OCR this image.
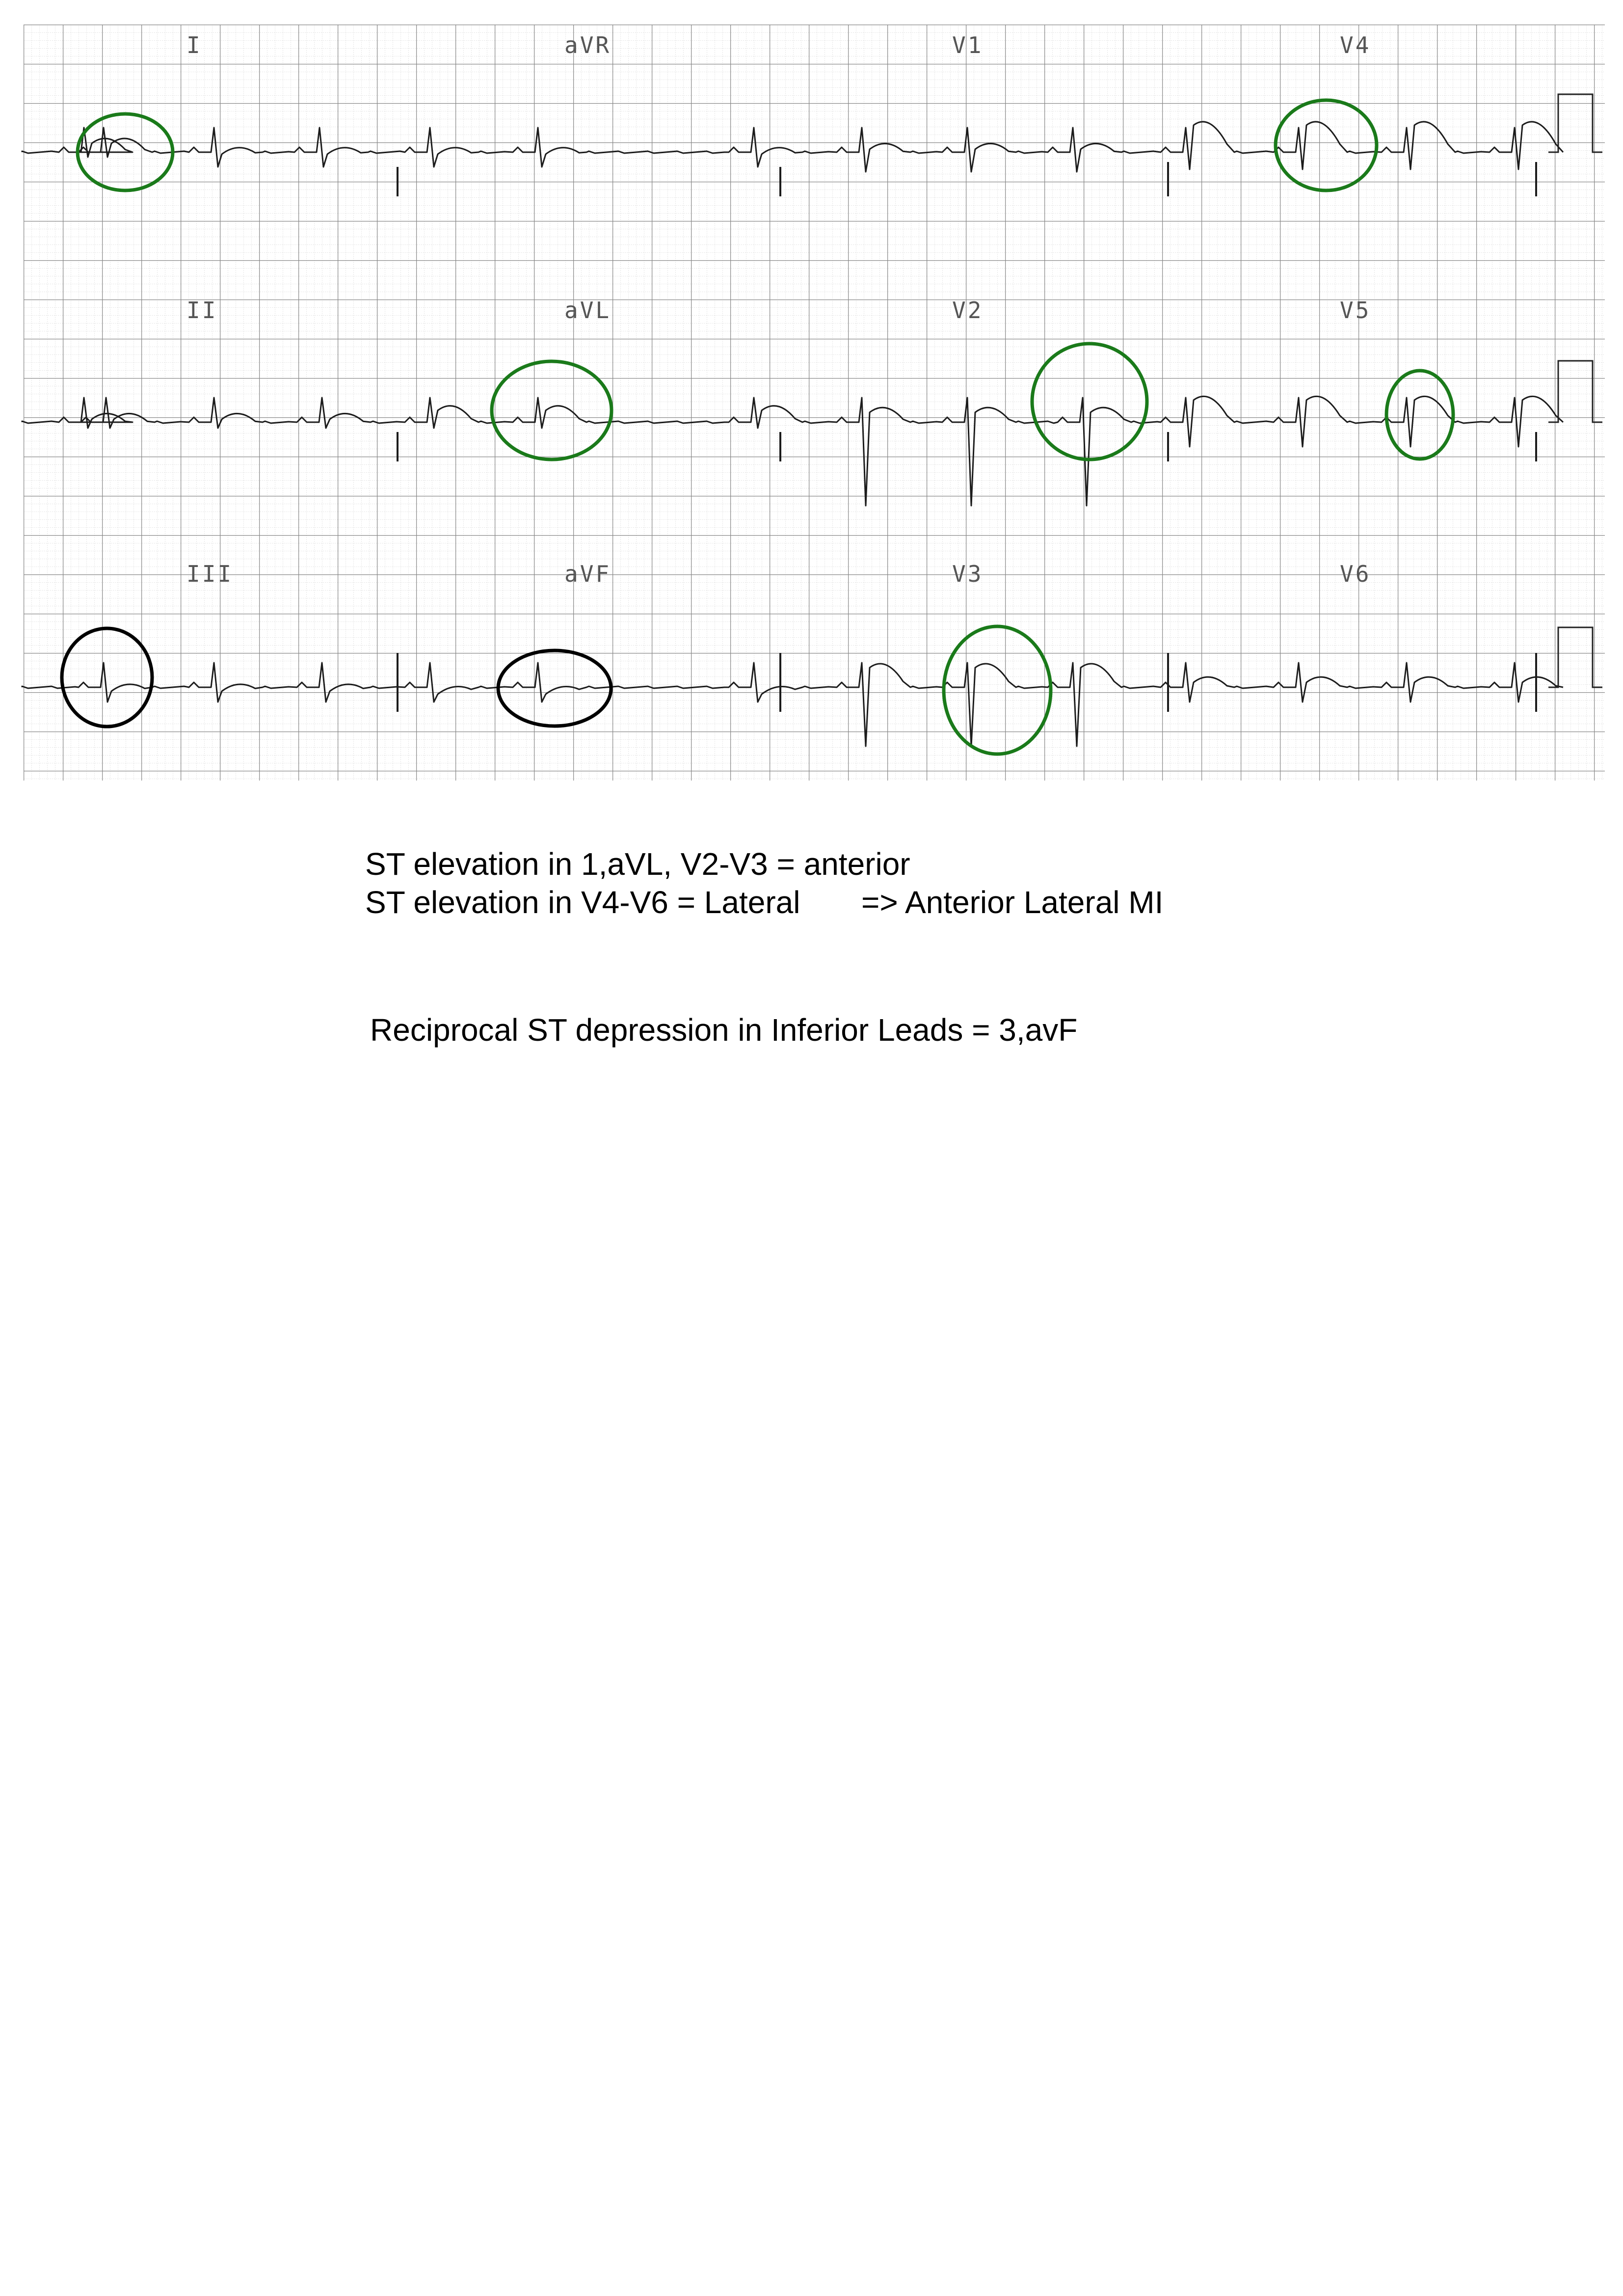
I	aVR	V1	V4
II	aVL	V2	V5
III	aVF	V3	V6

ST elevation in 1,aVL, V2-V3 = anterior

ST elevation in V4-V6 = Lateral       => Anterior Lateral MI

Reciprocal ST depression in Inferior Leads = 3,avF
